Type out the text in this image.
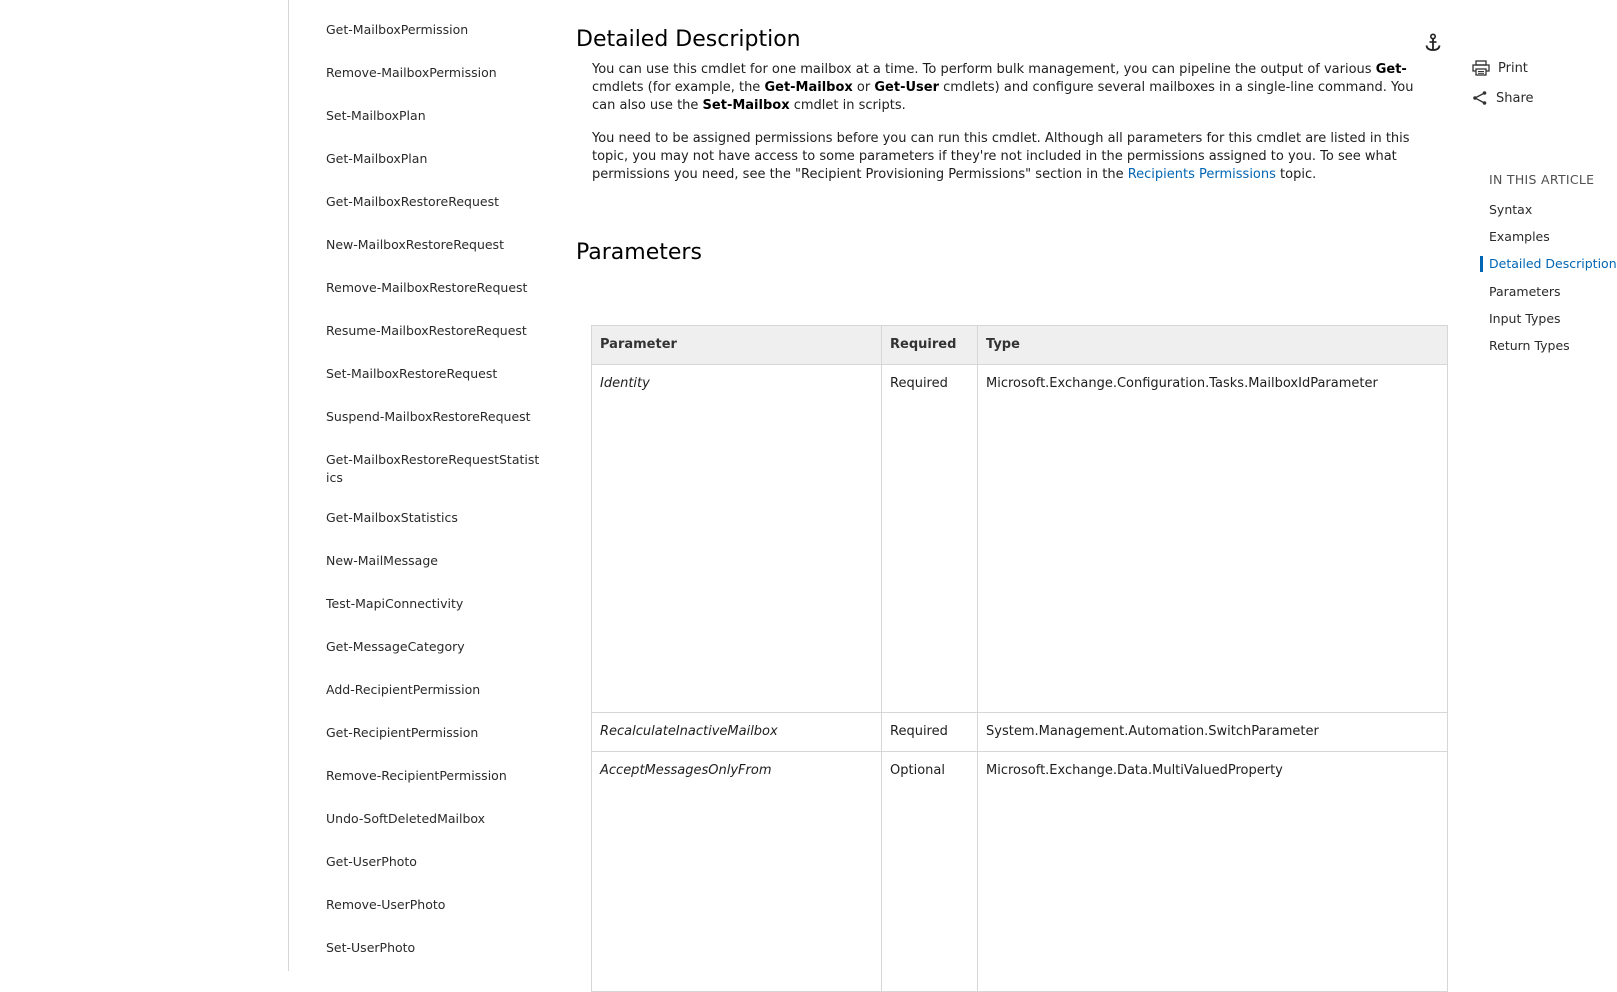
Get-MailboxPermission
Remove-MailboxPermission
Set-MailboxPlan
Get-MailboxPlan
Get-MailboxRestoreRequest
New-MailboxRestoreRequest
Remove-MailboxRestoreRequest
Resume-MailboxRestoreRequest
Set-MailboxRestoreRequest
Suspend-MailboxRestoreRequest
Get-MailboxRestoreRequestStatistics
Get-MailboxStatistics
New-MailMessage
Test-MapiConnectivity
Get-MessageCategory
Add-RecipientPermission
Get-RecipientPermission
Remove-RecipientPermission
Undo-SoftDeletedMailbox
Get-UserPhoto
Remove-UserPhoto
Set-UserPhoto
Detailed Description

You can use this cmdlet for one mailbox at a time. To perform bulk management, you can pipeline the output of various Get- cmdlets (for example, the Get-Mailbox or Get-User cmdlets) and configure several mailboxes in a single-line command. You can also use the Set-Mailbox cmdlet in scripts.

You need to be assigned permissions before you can run this cmdlet. Although all parameters for this cmdlet are listed in this topic, you may not have access to some parameters if they're not included in the permissions assigned to you. To see what permissions you need, see the "Recipient Provisioning Permissions" section in the Recipients Permissions topic.

Parameters
Parameter	Required	Type
Identity	Required	Microsoft.Exchange.Configuration.Tasks.MailboxIdParameter
RecalculateInactiveMailbox	Required	System.Management.Automation.SwitchParameter
AcceptMessagesOnlyFrom	Optional	Microsoft.Exchange.Data.MultiValuedProperty
Print
Share
IN THIS ARTICLE
Syntax
Examples
Detailed Description
Parameters
Input Types
Return Types
